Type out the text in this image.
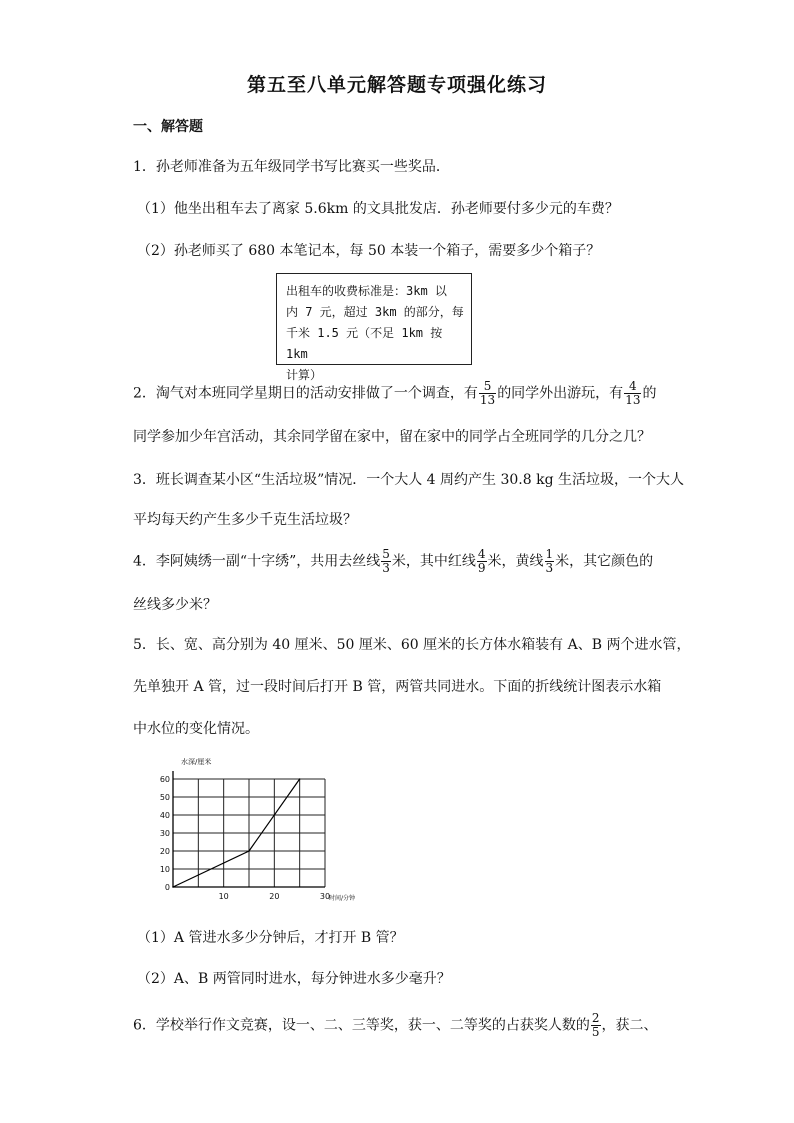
第五至八单元解答题专项强化练习
一、解答题
1．孙老师准备为五年级同学书写比赛买一些奖品．
（1）他坐出租车去了离家 5.6km 的文具批发店．孙老师要付多少元的车费？
（2）孙老师买了 680 本笔记本，每 50 本装一个箱子，需要多少个箱子？
出租车的收费标准是：3km 以
内 7 元，超过 3km 的部分，每
千米 1.5 元（不足 1km 按 1km
计算）
2．淘气对本班同学星期日的活动安排做了一个调查，有 $\frac{5}{13}$ 的同学外出游玩，有 $\frac{4}{13}$ 的
同学参加少年宫活动，其余同学留在家中，留在家中的同学占全班同学的几分之几？
3．班长调查某小区“生活垃圾”情况．一个大人 4 周约产生 30.8 kg 生活垃圾，一个大人
平均每天约产生多少千克生活垃圾？
4．李阿姨绣一副“十字绣”，共用去丝线 $\frac{5}{3}$ 米，其中红线 $\frac{4}{9}$ 米，黄线 $\frac{1}{3}$ 米，其它颜色的
丝线多少米？
5．长、宽、高分别为 40 厘米、50 厘米、60 厘米的长方体水箱装有 A、B 两个进水管，
先单独开 A 管，过一段时间后打开 B 管，两管共同进水。下面的折线统计图表示水箱
中水位的变化情况。
0
10
20
30
40
50
60
10	20	30
水深/厘米
时间/分钟
（1）A 管进水多少分钟后，才打开 B 管？
（2）A、B 两管同时进水，每分钟进水多少毫升？
6．学校举行作文竞赛，设一、二、三等奖，获一、二等奖的占获奖人数的 $\frac{2}{5}$ ，获二、
